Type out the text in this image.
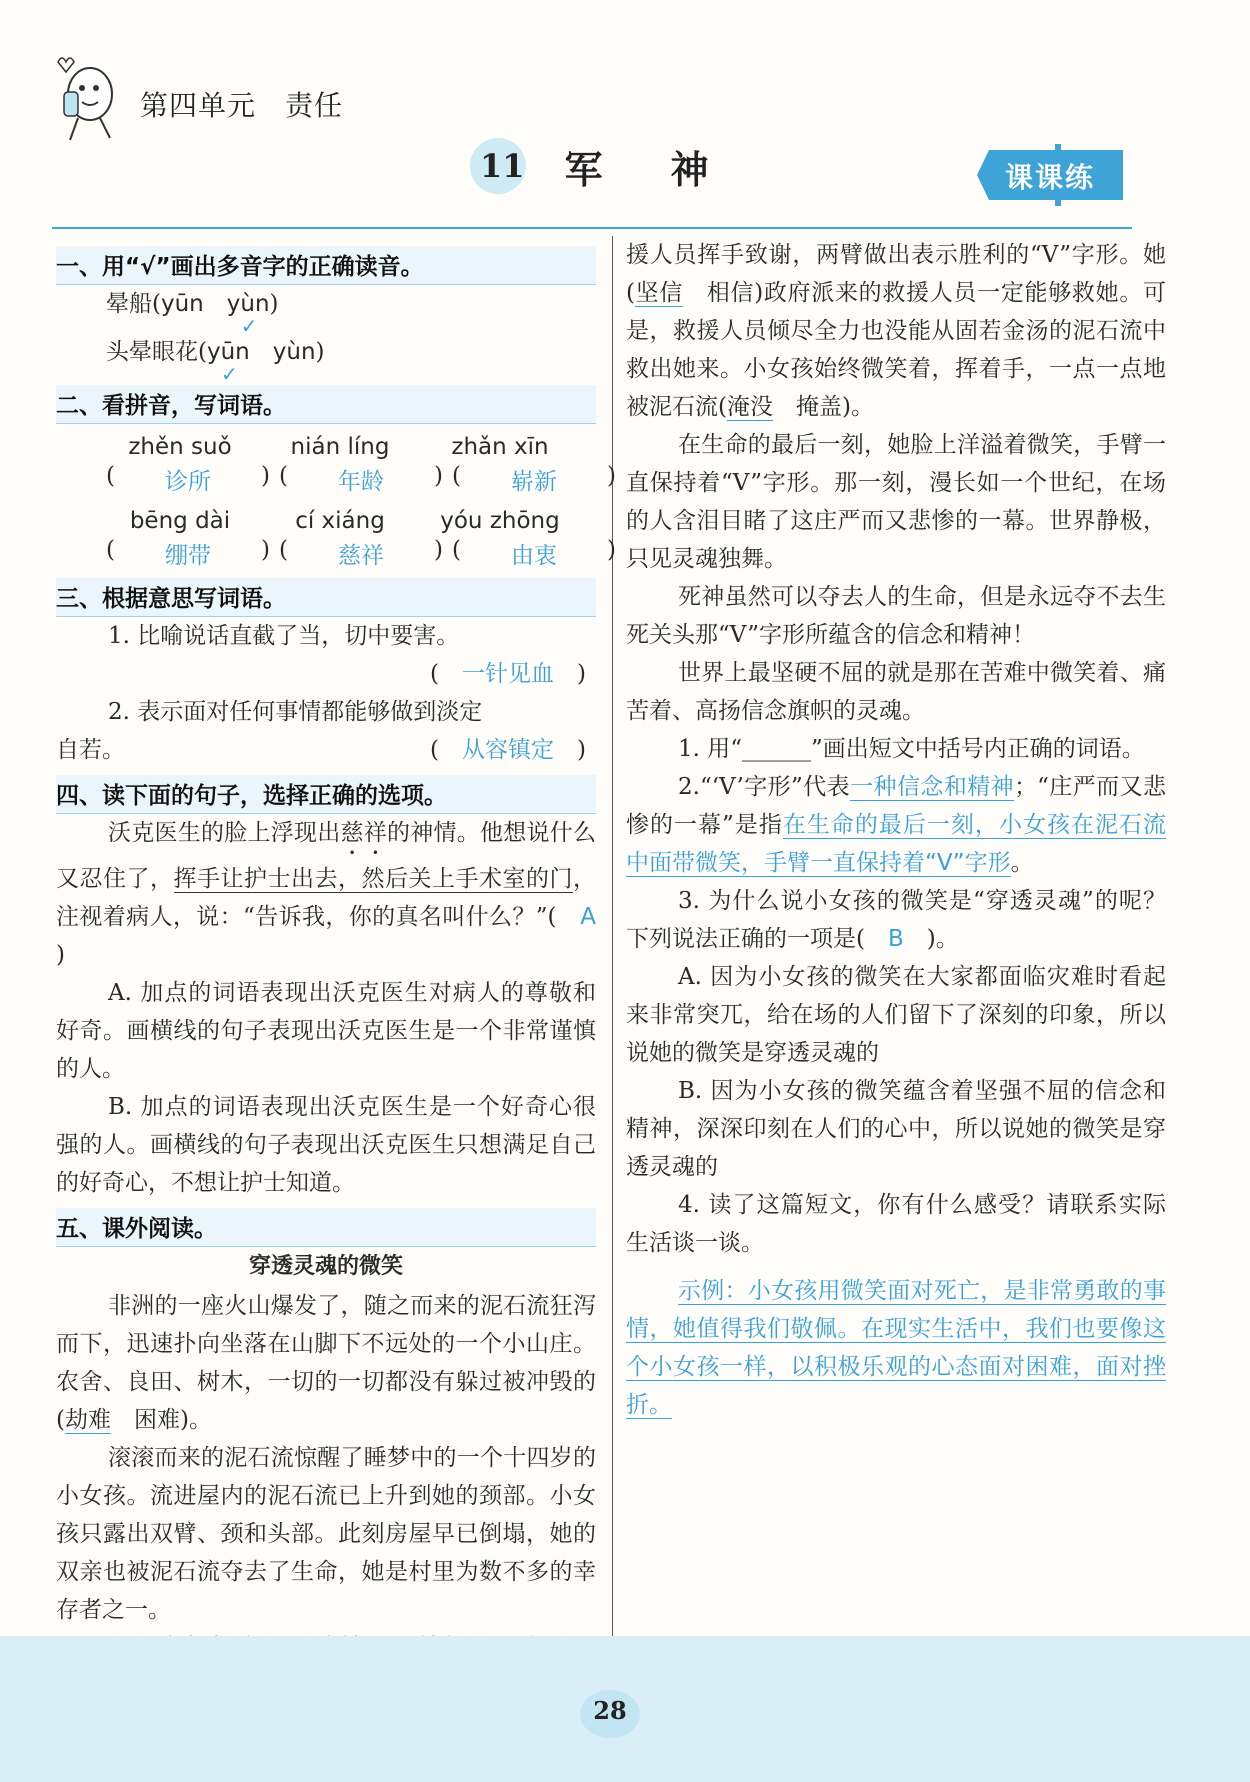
第四单元　责任
11 军神	课课练
一、用“√”画出多音字的正确读音。
晕船(yūn　 yùn
✓
)
头晕眼花(yūn
✓
　yùn)
二、看拼音，写词语。
zhěn suǒ	nián líng	zhǎn xīn
( 诊所 ) ( 年龄 ) ( 崭新 )
bēng dài	cí xiáng	yóu zhōng
( 绷带 ) ( 慈祥 ) ( 由衷 )
三、根据意思写词语。
1. 比喻说话直截了当，切中要害。
(　一针见血　)
2. 表示面对任何事情都能够做到淡定
自若。	(　从容镇定　)
四、读下面的句子，选择正确的选项。
沃克医生的脸上浮现出慈祥的神情。他想说什么又忍住了，挥手让护士出去，然后关上手术室的门，注视着病人，说：“告诉我，你的真名叫什么？”(　 A　)
A. 加点的词语表现出沃克医生对病人的尊敬和好奇。画横线的句子表现出沃克医生是一个非常谨慎的人。
B. 加点的词语表现出沃克医生是一个好奇心很强的人。画横线的句子表现出沃克医生只想满足自己的好奇心，不想让护士知道。
五、课外阅读。
穿透灵魂的微笑
非洲的一座火山爆发了，随之而来的泥石流狂泻而下，迅速扑向坐落在山脚下不远处的一个小山庄。农舍、良田、树木，一切的一切都没有躲过被冲毁的(劫难　 困难)。
滚滚而来的泥石流惊醒了睡梦中的一个十四岁的小女孩。流进屋内的泥石流已上升到她的颈部。小女孩只露出双臂、颈和头部。此刻房屋早已倒塌，她的双亲也被泥石流夺去了生命，她是村里为数不多的幸存者之一。
援人员挥手致谢，两臂做出表示胜利的“V”字形。她(坚信　 相信)政府派来的救援人员一定能够救她。可是，救援人员倾尽全力也没能从固若金汤的泥石流中救出她来。小女孩始终微笑着，挥着手，一点一点地被泥石流(淹没　 掩盖)。
在生命的最后一刻，她脸上洋溢着微笑，手臂一直保持着“V”字形。那一刻，漫长如一个世纪，在场的人含泪目睹了这庄严而又悲惨的一幕。世界静极，只见灵魂独舞。
死神虽然可以夺去人的生命，但是永远夺不去生死关头那“V”字形所蕴含的信念和精神！
世界上最坚硬不屈的就是那在苦难中微笑着、痛苦着、高扬信念旗帜的灵魂。
1. 用“______”画出短文中括号内正确的词语。
2.“‘V’字形”代表一种信念和精神；“庄严而又悲惨的一幕”是指在生命的最后一刻，小女孩在泥石流中面带微笑，手臂一直保持着“V”字形。
3. 为什么说小女孩的微笑是“穿透灵魂”的呢？下列说法正确的一项是(　 B　 )。
A. 因为小女孩的微笑在大家都面临灾难时看起来非常突兀，给在场的人们留下了深刻的印象，所以说她的微笑是穿透灵魂的
B. 因为小女孩的微笑蕴含着坚强不屈的信念和精神，深深印刻在人们的心中，所以说她的微笑是穿透灵魂的
4. 读了这篇短文，你有什么感受？请联系实际生活谈一谈。
示例：小女孩用微笑面对死亡，是非常勇敢的事情，她值得我们敬佩。在现实生活中，我们也要像这个小女孩一样，以积极乐观的心态面对困难，面对挫折。
28
